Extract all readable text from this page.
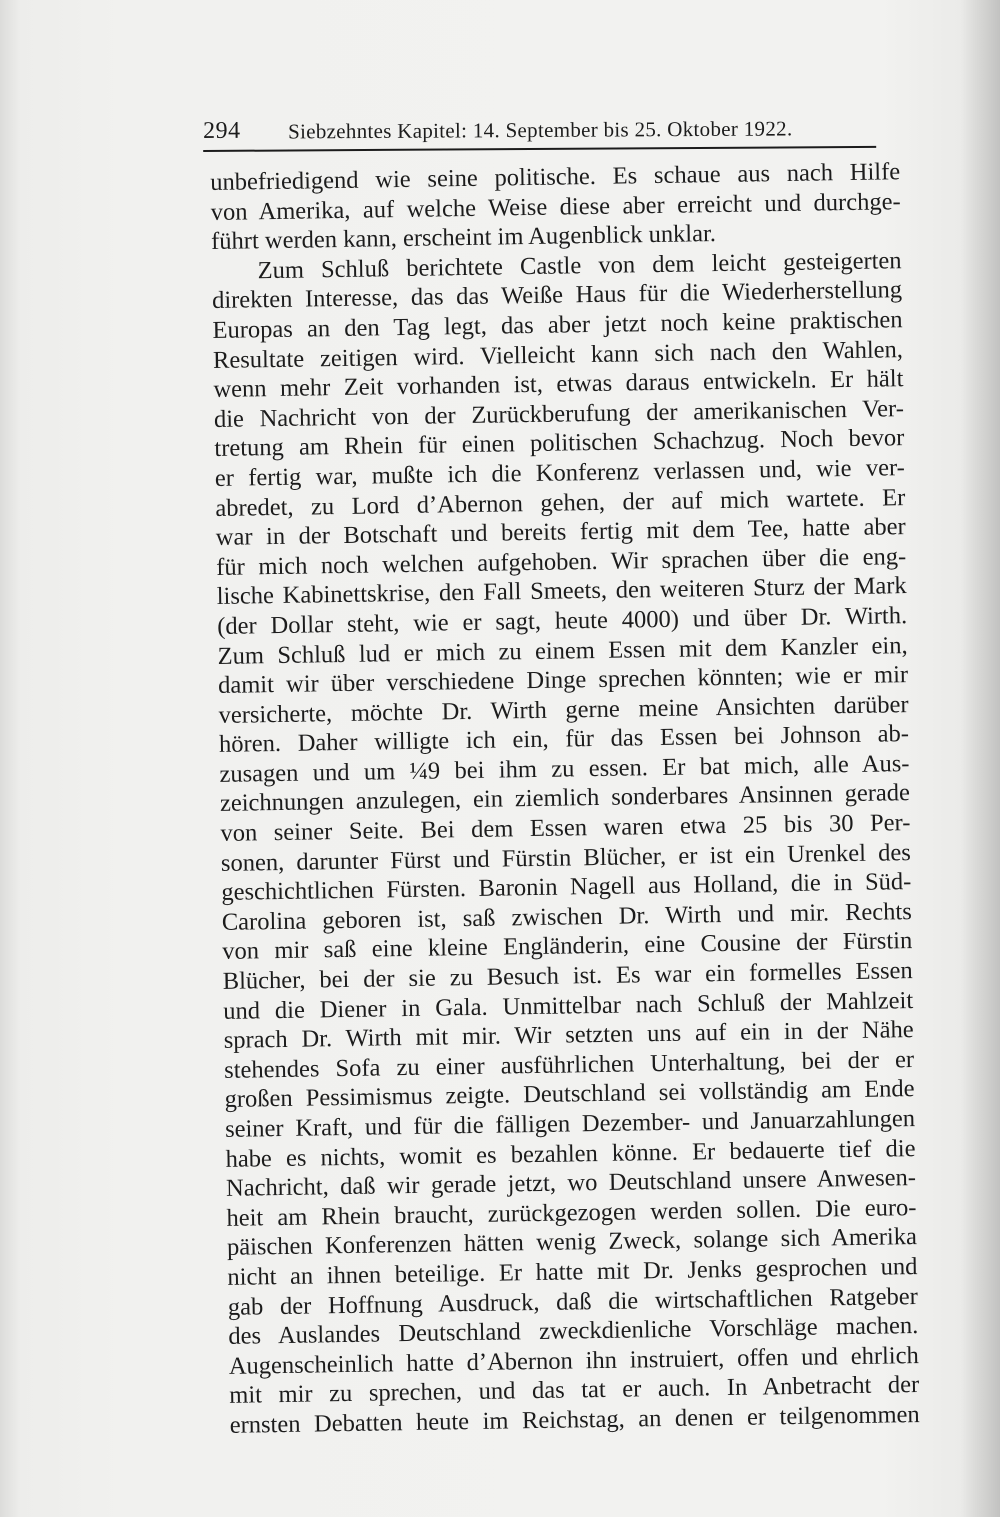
294 Siebzehntes Kapitel: 14. September bis 25. Oktober 1922.
unbefriedigend wie seine politische. Es schaue aus nach Hilfe
von Amerika, auf welche Weise diese aber erreicht und durchge-
führt werden kann, erscheint im Augenblick unklar.
Zum Schluß berichtete Castle von dem leicht gesteigerten
direkten Interesse, das das Weiße Haus für die Wiederherstellung
Europas an den Tag legt, das aber jetzt noch keine praktischen
Resultate zeitigen wird. Vielleicht kann sich nach den Wahlen,
wenn mehr Zeit vorhanden ist, etwas daraus entwickeln. Er hält
die Nachricht von der Zurückberufung der amerikanischen Ver-
tretung am Rhein für einen politischen Schachzug. Noch bevor
er fertig war, mußte ich die Konferenz verlassen und, wie ver-
abredet, zu Lord d’Abernon gehen, der auf mich wartete. Er
war in der Botschaft und bereits fertig mit dem Tee, hatte aber
für mich noch welchen aufgehoben. Wir sprachen über die eng-
lische Kabinettskrise, den Fall Smeets, den weiteren Sturz der Mark
(der Dollar steht, wie er sagt, heute 4000) und über Dr. Wirth.
Zum Schluß lud er mich zu einem Essen mit dem Kanzler ein,
damit wir über verschiedene Dinge sprechen könnten; wie er mir
versicherte, möchte Dr. Wirth gerne meine Ansichten darüber
hören. Daher willigte ich ein, für das Essen bei Johnson ab-
zusagen und um ¼9 bei ihm zu essen. Er bat mich, alle Aus-
zeichnungen anzulegen, ein ziemlich sonderbares Ansinnen gerade
von seiner Seite. Bei dem Essen waren etwa 25 bis 30 Per-
sonen, darunter Fürst und Fürstin Blücher, er ist ein Urenkel des
geschichtlichen Fürsten. Baronin Nagell aus Holland, die in Süd-
Carolina geboren ist, saß zwischen Dr. Wirth und mir. Rechts
von mir saß eine kleine Engländerin, eine Cousine der Fürstin
Blücher, bei der sie zu Besuch ist. Es war ein formelles Essen
und die Diener in Gala. Unmittelbar nach Schluß der Mahlzeit
sprach Dr. Wirth mit mir. Wir setzten uns auf ein in der Nähe
stehendes Sofa zu einer ausführlichen Unterhaltung, bei der er
großen Pessimismus zeigte. Deutschland sei vollständig am Ende
seiner Kraft, und für die fälligen Dezember- und Januarzahlungen
habe es nichts, womit es bezahlen könne. Er bedauerte tief die
Nachricht, daß wir gerade jetzt, wo Deutschland unsere Anwesen-
heit am Rhein braucht, zurückgezogen werden sollen. Die euro-
päischen Konferenzen hätten wenig Zweck, solange sich Amerika
nicht an ihnen beteilige. Er hatte mit Dr. Jenks gesprochen und
gab der Hoffnung Ausdruck, daß die wirtschaftlichen Ratgeber
des Auslandes Deutschland zweckdienliche Vorschläge machen.
Augenscheinlich hatte d’Abernon ihn instruiert, offen und ehrlich
mit mir zu sprechen, und das tat er auch. In Anbetracht der
ernsten Debatten heute im Reichstag, an denen er teilgenommen
